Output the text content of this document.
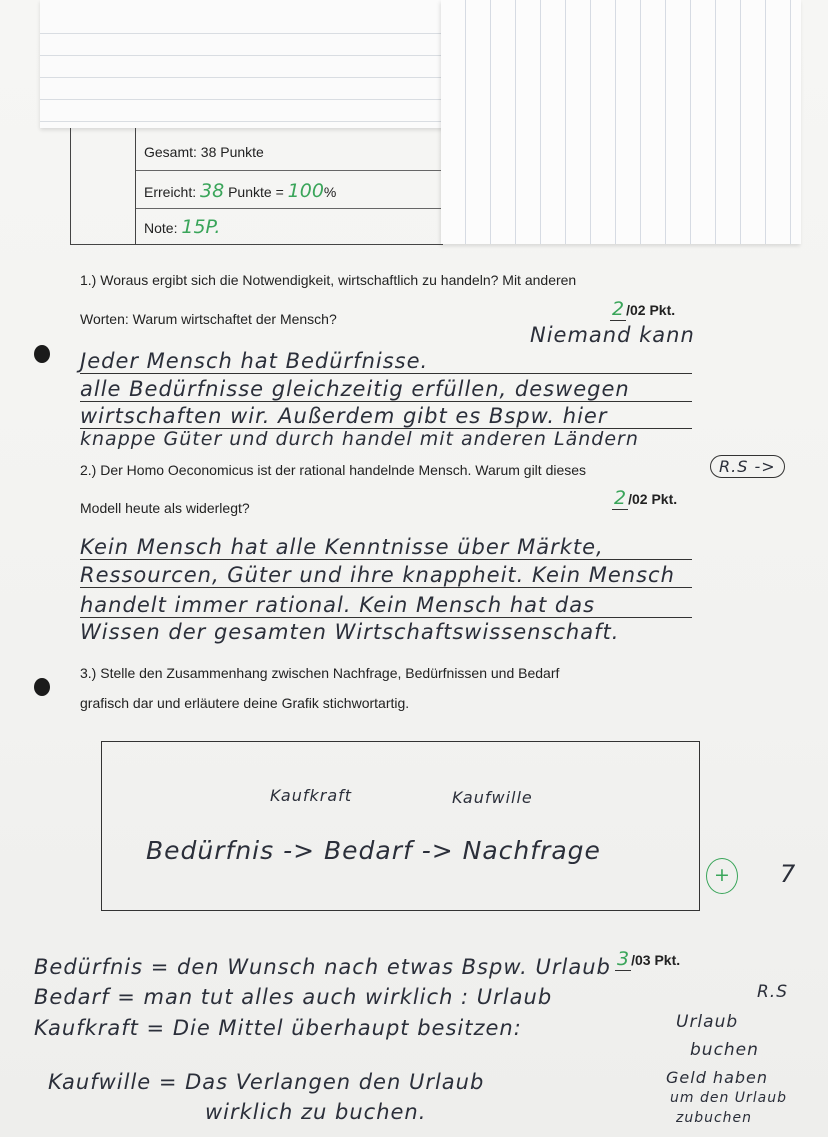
Gesamt: 38 Punkte
Erreicht: 38 Punkte = 100%
Note: 15P.
1.) Woraus ergibt sich die Notwendigkeit, wirtschaftlich zu handeln? Mit anderen
Worten: Warum wirtschaftet der Mensch?	2 /02 Pkt.
Niemand kann
Jeder Mensch hat Bedürfnisse.
alle Bedürfnisse gleichzeitig erfüllen, deswegen
wirtschaften wir. Außerdem gibt es Bspw. hier
knappe Güter und durch handel mit anderen Ländern
R.S ->
2.) Der Homo Oeconomicus ist der rational handelnde Mensch. Warum gilt dieses
Modell heute als widerlegt?	2 /02 Pkt.
Kein Mensch hat alle Kenntnisse über Märkte,
Ressourcen, Güter und ihre knappheit. Kein Mensch
handelt immer rational. Kein Mensch hat das
Wissen der gesamten Wirtschaftswissenschaft.
3.) Stelle den Zusammenhang zwischen Nachfrage, Bedürfnissen und Bedarf
grafisch dar und erläutere deine Grafik stichwortartig.
Kaufkraft	Kaufwille
Bedürfnis -> Bedarf -> Nachfrage
+	7
3 /03 Pkt.
Bedürfnis = den Wunsch nach etwas Bspw. Urlaub
Bedarf = man tut alles auch wirklich : Urlaub
Kaufkraft = Die Mittel überhaupt besitzen:
Kaufwille = Das Verlangen den Urlaub
wirklich zu buchen.
R.S
Urlaub
buchen
Geld haben
um den Urlaub
zubuchen
